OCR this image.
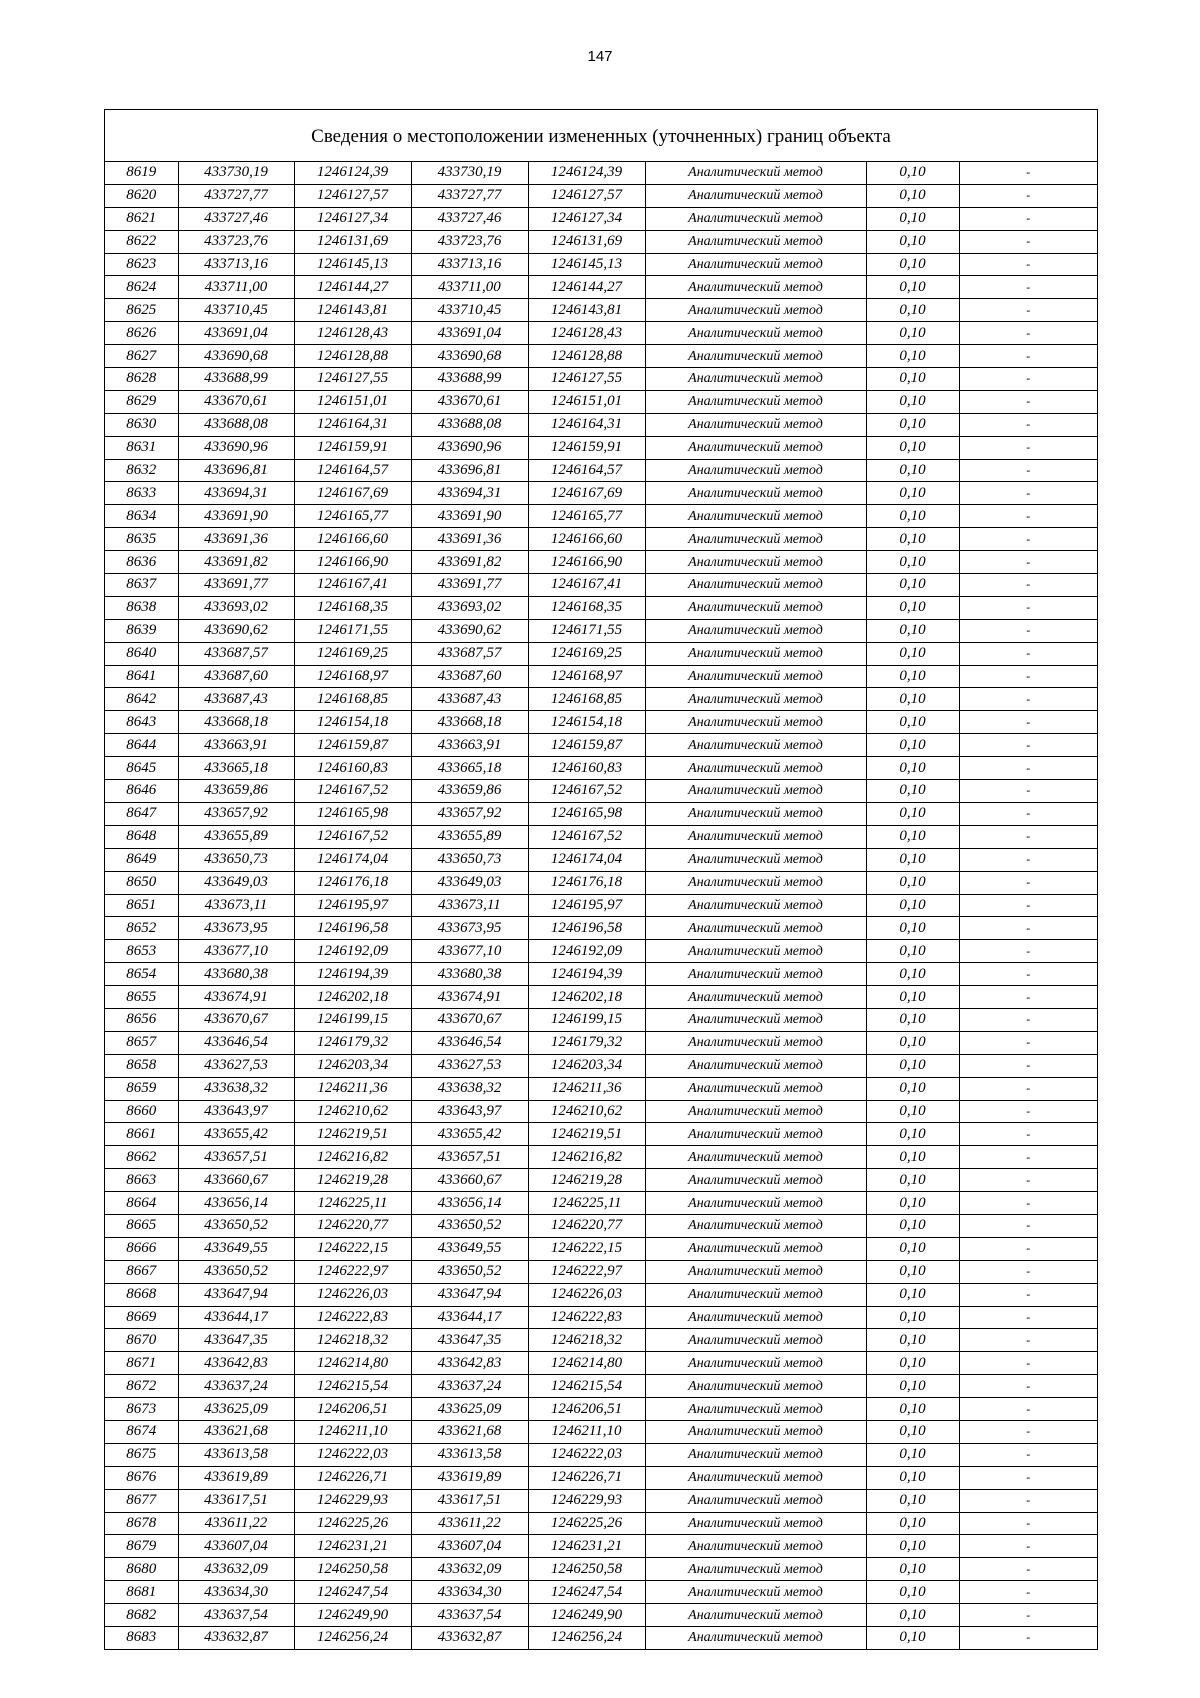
147
Сведения о местоположении измененных (уточненных) границ объекта
8619	433730,19	1246124,39	433730,19	1246124,39	Аналитический метод	0,10	-
8620	433727,77	1246127,57	433727,77	1246127,57	Аналитический метод	0,10	-
8621	433727,46	1246127,34	433727,46	1246127,34	Аналитический метод	0,10	-
8622	433723,76	1246131,69	433723,76	1246131,69	Аналитический метод	0,10	-
8623	433713,16	1246145,13	433713,16	1246145,13	Аналитический метод	0,10	-
8624	433711,00	1246144,27	433711,00	1246144,27	Аналитический метод	0,10	-
8625	433710,45	1246143,81	433710,45	1246143,81	Аналитический метод	0,10	-
8626	433691,04	1246128,43	433691,04	1246128,43	Аналитический метод	0,10	-
8627	433690,68	1246128,88	433690,68	1246128,88	Аналитический метод	0,10	-
8628	433688,99	1246127,55	433688,99	1246127,55	Аналитический метод	0,10	-
8629	433670,61	1246151,01	433670,61	1246151,01	Аналитический метод	0,10	-
8630	433688,08	1246164,31	433688,08	1246164,31	Аналитический метод	0,10	-
8631	433690,96	1246159,91	433690,96	1246159,91	Аналитический метод	0,10	-
8632	433696,81	1246164,57	433696,81	1246164,57	Аналитический метод	0,10	-
8633	433694,31	1246167,69	433694,31	1246167,69	Аналитический метод	0,10	-
8634	433691,90	1246165,77	433691,90	1246165,77	Аналитический метод	0,10	-
8635	433691,36	1246166,60	433691,36	1246166,60	Аналитический метод	0,10	-
8636	433691,82	1246166,90	433691,82	1246166,90	Аналитический метод	0,10	-
8637	433691,77	1246167,41	433691,77	1246167,41	Аналитический метод	0,10	-
8638	433693,02	1246168,35	433693,02	1246168,35	Аналитический метод	0,10	-
8639	433690,62	1246171,55	433690,62	1246171,55	Аналитический метод	0,10	-
8640	433687,57	1246169,25	433687,57	1246169,25	Аналитический метод	0,10	-
8641	433687,60	1246168,97	433687,60	1246168,97	Аналитический метод	0,10	-
8642	433687,43	1246168,85	433687,43	1246168,85	Аналитический метод	0,10	-
8643	433668,18	1246154,18	433668,18	1246154,18	Аналитический метод	0,10	-
8644	433663,91	1246159,87	433663,91	1246159,87	Аналитический метод	0,10	-
8645	433665,18	1246160,83	433665,18	1246160,83	Аналитический метод	0,10	-
8646	433659,86	1246167,52	433659,86	1246167,52	Аналитический метод	0,10	-
8647	433657,92	1246165,98	433657,92	1246165,98	Аналитический метод	0,10	-
8648	433655,89	1246167,52	433655,89	1246167,52	Аналитический метод	0,10	-
8649	433650,73	1246174,04	433650,73	1246174,04	Аналитический метод	0,10	-
8650	433649,03	1246176,18	433649,03	1246176,18	Аналитический метод	0,10	-
8651	433673,11	1246195,97	433673,11	1246195,97	Аналитический метод	0,10	-
8652	433673,95	1246196,58	433673,95	1246196,58	Аналитический метод	0,10	-
8653	433677,10	1246192,09	433677,10	1246192,09	Аналитический метод	0,10	-
8654	433680,38	1246194,39	433680,38	1246194,39	Аналитический метод	0,10	-
8655	433674,91	1246202,18	433674,91	1246202,18	Аналитический метод	0,10	-
8656	433670,67	1246199,15	433670,67	1246199,15	Аналитический метод	0,10	-
8657	433646,54	1246179,32	433646,54	1246179,32	Аналитический метод	0,10	-
8658	433627,53	1246203,34	433627,53	1246203,34	Аналитический метод	0,10	-
8659	433638,32	1246211,36	433638,32	1246211,36	Аналитический метод	0,10	-
8660	433643,97	1246210,62	433643,97	1246210,62	Аналитический метод	0,10	-
8661	433655,42	1246219,51	433655,42	1246219,51	Аналитический метод	0,10	-
8662	433657,51	1246216,82	433657,51	1246216,82	Аналитический метод	0,10	-
8663	433660,67	1246219,28	433660,67	1246219,28	Аналитический метод	0,10	-
8664	433656,14	1246225,11	433656,14	1246225,11	Аналитический метод	0,10	-
8665	433650,52	1246220,77	433650,52	1246220,77	Аналитический метод	0,10	-
8666	433649,55	1246222,15	433649,55	1246222,15	Аналитический метод	0,10	-
8667	433650,52	1246222,97	433650,52	1246222,97	Аналитический метод	0,10	-
8668	433647,94	1246226,03	433647,94	1246226,03	Аналитический метод	0,10	-
8669	433644,17	1246222,83	433644,17	1246222,83	Аналитический метод	0,10	-
8670	433647,35	1246218,32	433647,35	1246218,32	Аналитический метод	0,10	-
8671	433642,83	1246214,80	433642,83	1246214,80	Аналитический метод	0,10	-
8672	433637,24	1246215,54	433637,24	1246215,54	Аналитический метод	0,10	-
8673	433625,09	1246206,51	433625,09	1246206,51	Аналитический метод	0,10	-
8674	433621,68	1246211,10	433621,68	1246211,10	Аналитический метод	0,10	-
8675	433613,58	1246222,03	433613,58	1246222,03	Аналитический метод	0,10	-
8676	433619,89	1246226,71	433619,89	1246226,71	Аналитический метод	0,10	-
8677	433617,51	1246229,93	433617,51	1246229,93	Аналитический метод	0,10	-
8678	433611,22	1246225,26	433611,22	1246225,26	Аналитический метод	0,10	-
8679	433607,04	1246231,21	433607,04	1246231,21	Аналитический метод	0,10	-
8680	433632,09	1246250,58	433632,09	1246250,58	Аналитический метод	0,10	-
8681	433634,30	1246247,54	433634,30	1246247,54	Аналитический метод	0,10	-
8682	433637,54	1246249,90	433637,54	1246249,90	Аналитический метод	0,10	-
8683	433632,87	1246256,24	433632,87	1246256,24	Аналитический метод	0,10	-
